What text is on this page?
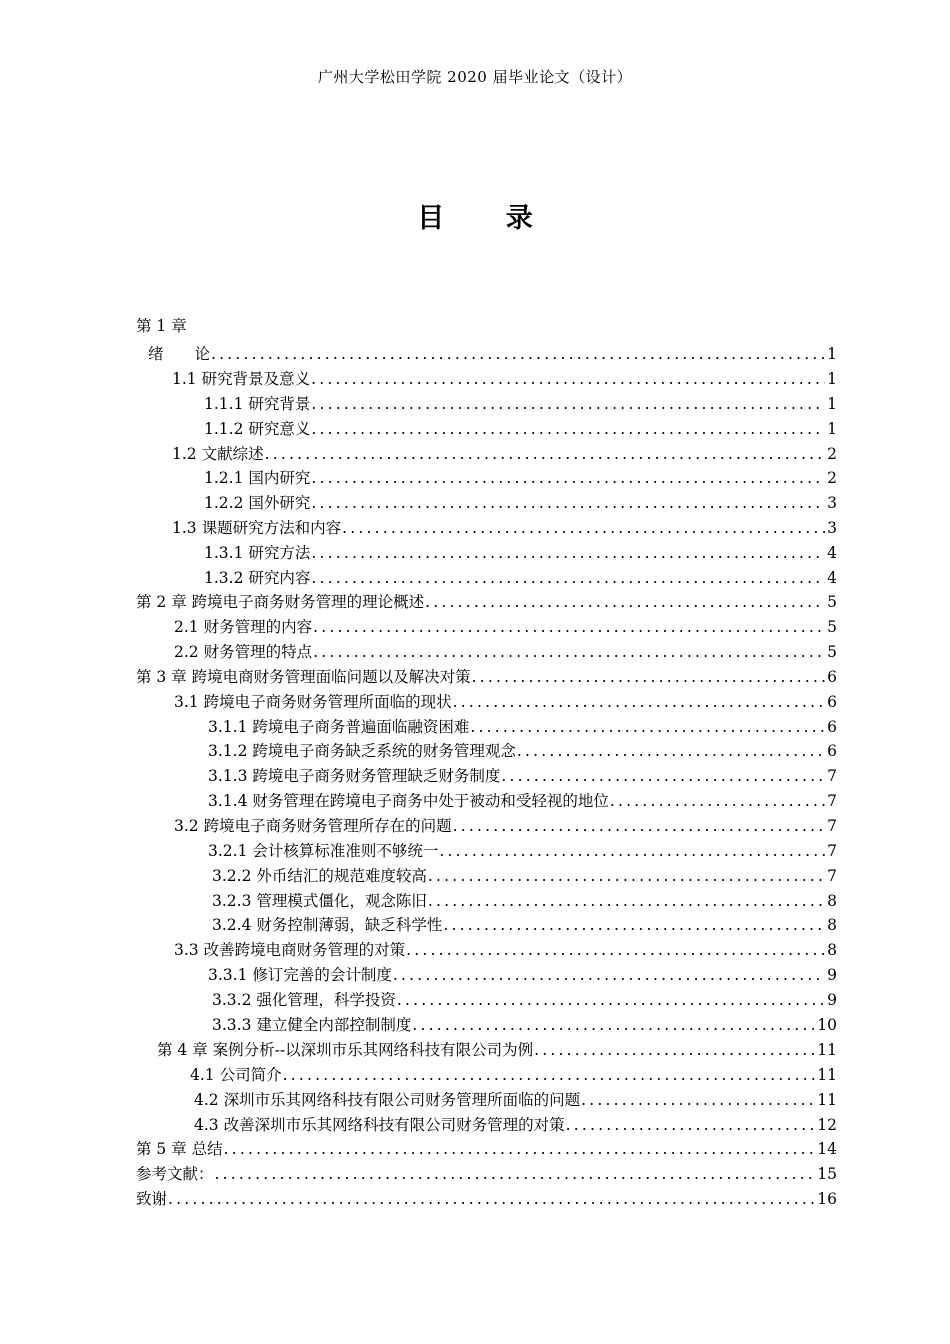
广州大学松田学院 2020 届毕业论文（设计）
目 录
第 1 章
绪　　论 .....	1
1.1 研究背景及意义 .....	1
1.1.1 研究背景 .....	1
1.1.2 研究意义 .....	1
1.2 文献综述 .....	2
1.2.1 国内研究 .....	2
1.2.2 国外研究 .....	3
1.3 课题研究方法和内容 .....	3
1.3.1 研究方法 .....	4
1.3.2 研究内容 .....	4
第 2 章 跨境电子商务财务管理的理论概述 .....	5
2.1 财务管理的内容 .....	5
2.2 财务管理的特点 .....	5
第 3 章 跨境电商财务管理面临问题以及解决对策 .....	6
3.1 跨境电子商务财务管理所面临的现状 .....	6
3.1.1 跨境电子商务普遍面临融资困难 .....	6
3.1.2 跨境电子商务缺乏系统的财务管理观念 .....	6
3.1.3 跨境电子商务财务管理缺乏财务制度 .....	7
3.1.4 财务管理在跨境电子商务中处于被动和受轻视的地位 .....	7
3.2 跨境电子商务财务管理所存在的问题 .....	7
3.2.1 会计核算标准准则不够统一 .....	7
3.2.2 外币结汇的规范难度较高 .....	7
3.2.3 管理模式僵化，观念陈旧 .....	8
3.2.4 财务控制薄弱，缺乏科学性 .....	8
3.3 改善跨境电商财务管理的对策 .....	8
3.3.1 修订完善的会计制度 .....	9
3.3.2 强化管理，科学投资 .....	9
3.3.3 建立健全内部控制制度 .....	10
第 4 章 案例分析--以深圳市乐其网络科技有限公司为例 .....	11
4.1 公司简介 .....	11
4.2 深圳市乐其网络科技有限公司财务管理所面临的问题 .....	11
4.3 改善深圳市乐其网络科技有限公司财务管理的对策 .....	12
第 5 章 总结 .....	14
参考文献： .....	15
致谢 .....	16
